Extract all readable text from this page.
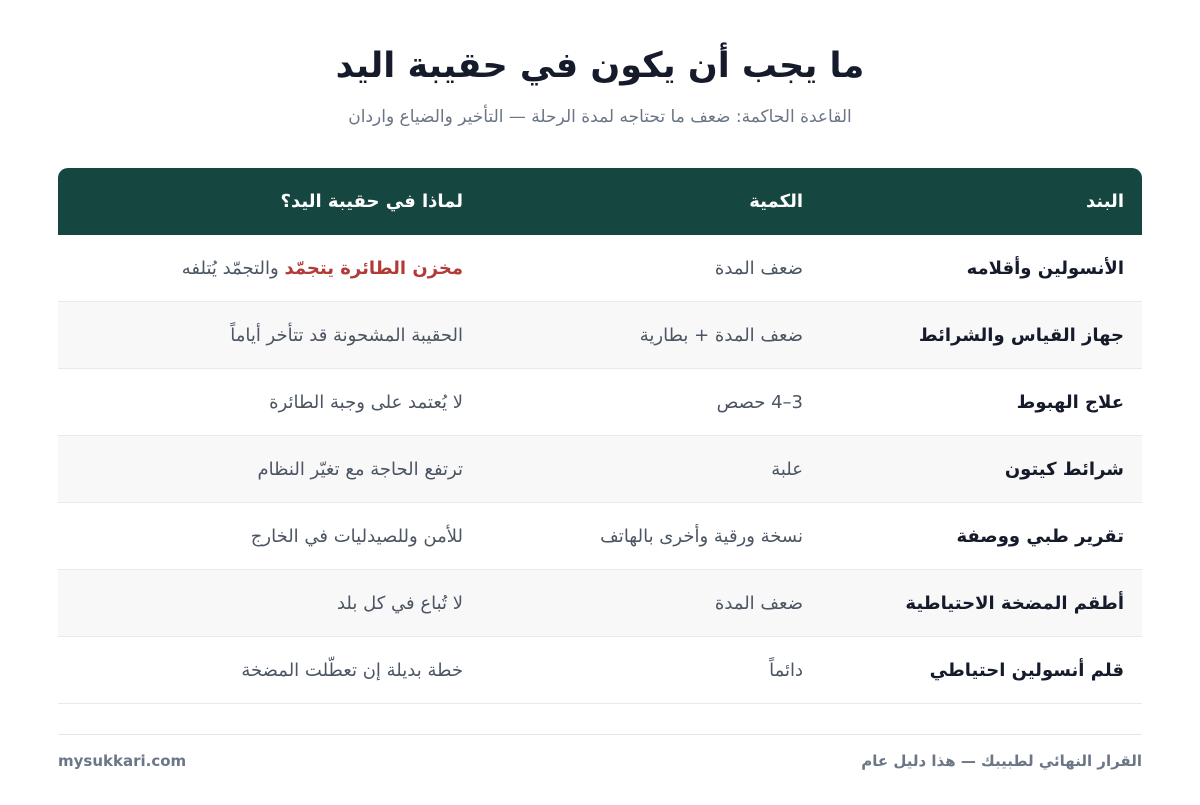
ما يجب أن يكون في حقيبة اليد
القاعدة الحاكمة: ضعف ما تحتاجه لمدة الرحلة — التأخير والضياع واردان
البند
الكمية
لماذا في حقيبة اليد؟
الأنسولين وأقلامه
ضعف المدة
مخزن الطائرة يتجمّد
والتجمّد يُتلفه
جهاز القياس والشرائط
ضعف المدة + بطارية
الحقيبة المشحونة قد تتأخر أياماً
علاج الهبوط
3–4 حصص
لا يُعتمد على وجبة الطائرة
شرائط كيتون
علبة
ترتفع الحاجة مع تغيّر النظام
تقرير طبي ووصفة
نسخة ورقية وأخرى بالهاتف
للأمن وللصيدليات في الخارج
أطقم المضخة الاحتياطية
ضعف المدة
لا تُباع في كل بلد
قلم أنسولين احتياطي
دائماً
خطة بديلة إن تعطّلت المضخة
القرار النهائي لطبيبك — هذا دليل عام
mysukkari.com
